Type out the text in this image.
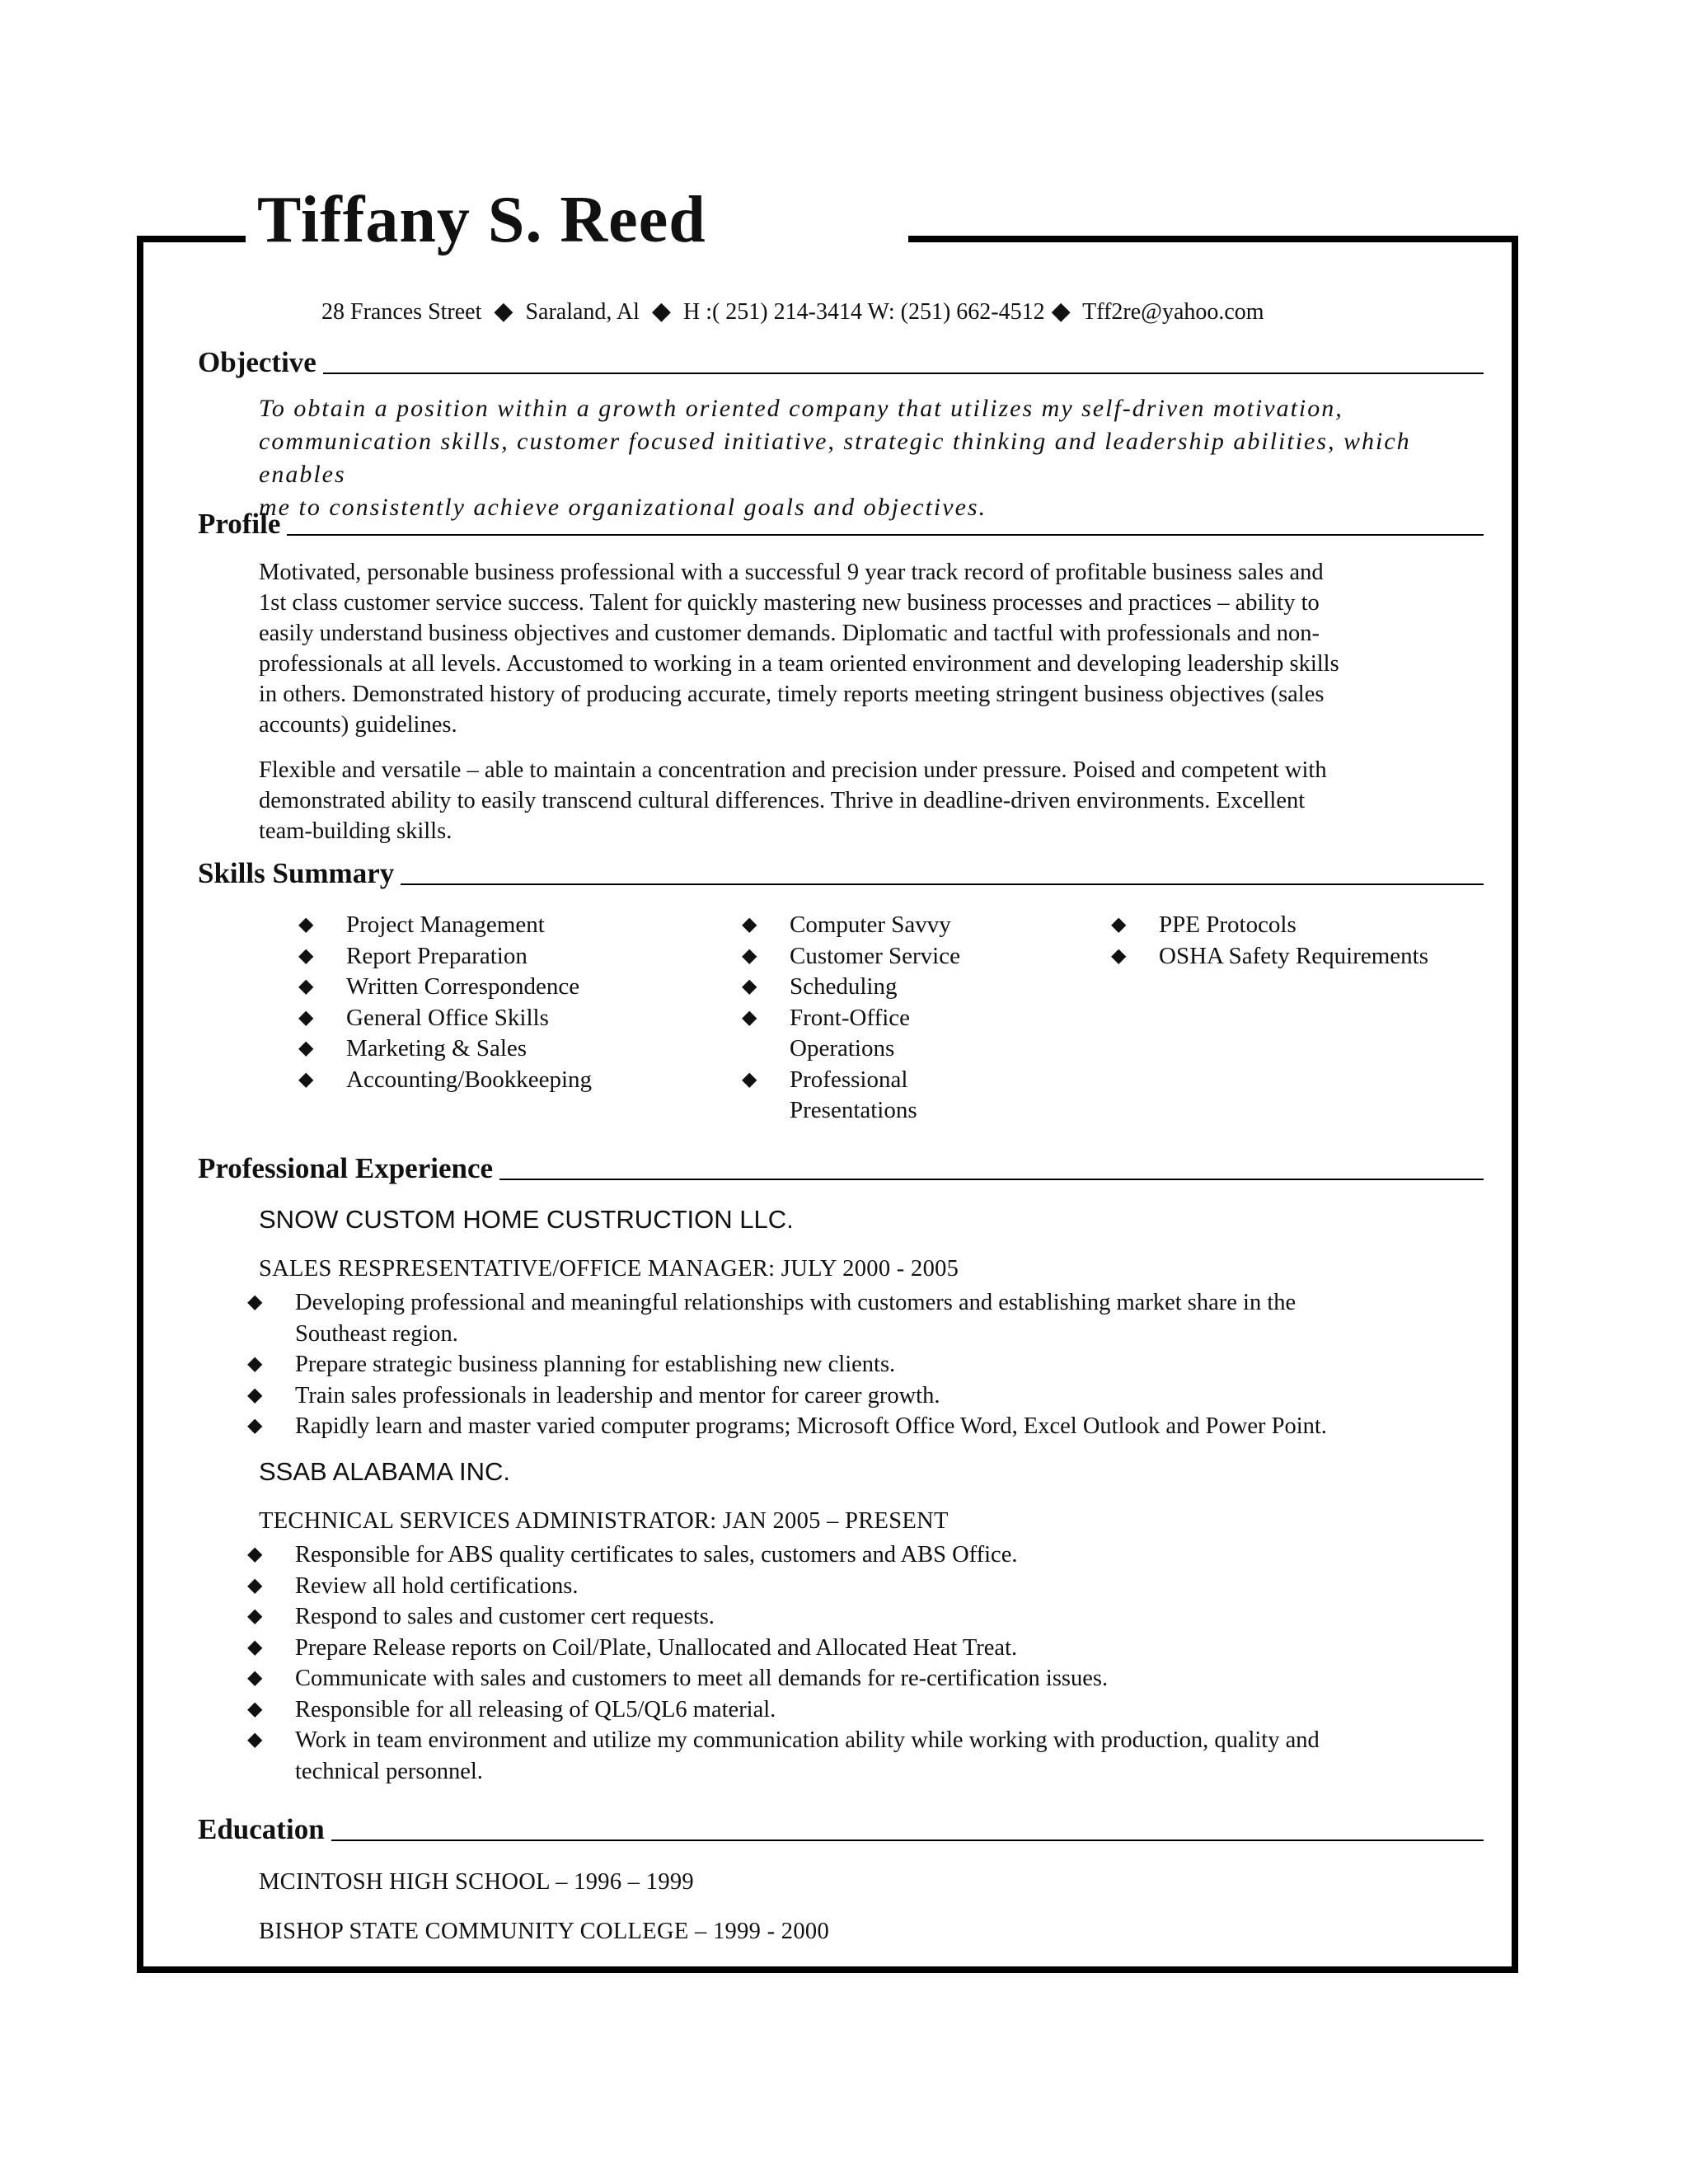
Tiffany S. Reed
28 Frances Street ◆ Saraland, Al ◆ H :( 251) 214-3414 W: (251) 662-4512 ◆ Tff2re@yahoo.com
Objective
To obtain a position within a growth oriented company that utilizes my self-driven motivation,
communication skills, customer focused initiative, strategic thinking and leadership abilities, which enables
me to consistently achieve organizational goals and objectives.
Profile
Motivated, personable business professional with a successful 9 year track record of profitable business sales and
1st class customer service success. Talent for quickly mastering new business processes and practices – ability to
easily understand business objectives and customer demands. Diplomatic and tactful with professionals and non-
professionals at all levels. Accustomed to working in a team oriented environment and developing leadership skills
in others. Demonstrated history of producing accurate, timely reports meeting stringent business objectives (sales
accounts) guidelines.
Flexible and versatile – able to maintain a concentration and precision under pressure. Poised and competent with
demonstrated ability to easily transcend cultural differences. Thrive in deadline-driven environments. Excellent
team-building skills.
Skills Summary
◆ Project Management
◆ Report Preparation
◆ Written Correspondence
◆ General Office Skills
◆ Marketing & Sales
◆ Accounting/Bookkeeping
◆ Computer Savvy
◆ Customer Service
◆ Scheduling
◆ Front-Office
Operations
◆ Professional
Presentations
◆ PPE Protocols
◆ OSHA Safety Requirements
Professional Experience
SNOW CUSTOM HOME CUSTRUCTION LLC.
SALES RESPRESENTATIVE/OFFICE MANAGER: JULY 2000 - 2005
◆ Developing professional and meaningful relationships with customers and establishing market share in the
Southeast region.
◆ Prepare strategic business planning for establishing new clients.
◆ Train sales professionals in leadership and mentor for career growth.
◆ Rapidly learn and master varied computer programs; Microsoft Office Word, Excel Outlook and Power Point.
SSAB ALABAMA INC.
TECHNICAL SERVICES ADMINISTRATOR: JAN 2005 – PRESENT
◆ Responsible for ABS quality certificates to sales, customers and ABS Office.
◆ Review all hold certifications.
◆ Respond to sales and customer cert requests.
◆ Prepare Release reports on Coil/Plate, Unallocated and Allocated Heat Treat.
◆ Communicate with sales and customers to meet all demands for re-certification issues.
◆ Responsible for all releasing of QL5/QL6 material.
◆ Work in team environment and utilize my communication ability while working with production, quality and
technical personnel.
Education
MCINTOSH HIGH SCHOOL – 1996 – 1999
BISHOP STATE COMMUNITY COLLEGE – 1999 - 2000
